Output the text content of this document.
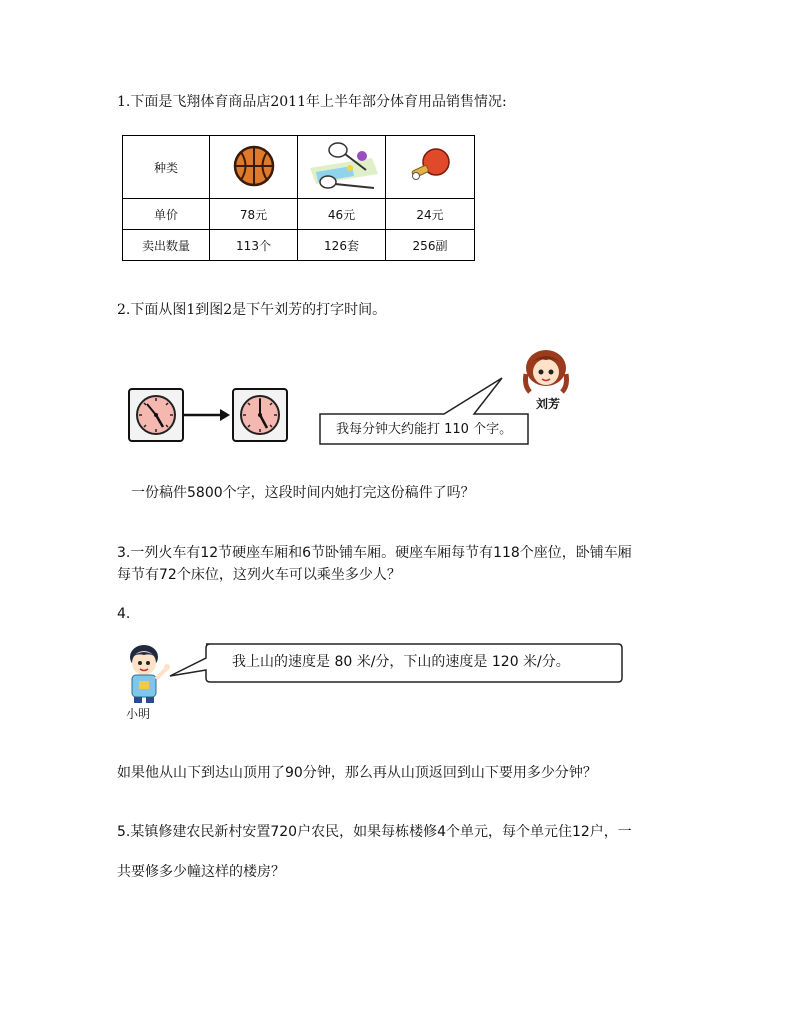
1.下面是飞翔体育商品店2011年上半年部分体育用品销售情况:
种类			
单价	78元	46元	24元
卖出数量	113个	126套	256副
2.下面从图1到图2是下午刘芳的打字时间。
我每分钟大约能打 110 个字。
刘芳
一份稿件5800个字，这段时间内她打完这份稿件了吗？
3.一列火车有12节硬座车厢和6节卧铺车厢。硬座车厢每节有118个座位，卧铺车厢
每节有72个床位，这列火车可以乘坐多少人？
4.
小明
我上山的速度是 80 米/分，下山的速度是 120 米/分。
如果他从山下到达山顶用了90分钟，那么再从山顶返回到山下要用多少分钟？
5.某镇修建农民新村安置720户农民，如果每栋楼修4个单元，每个单元住12户，一
共要修多少幢这样的楼房？
